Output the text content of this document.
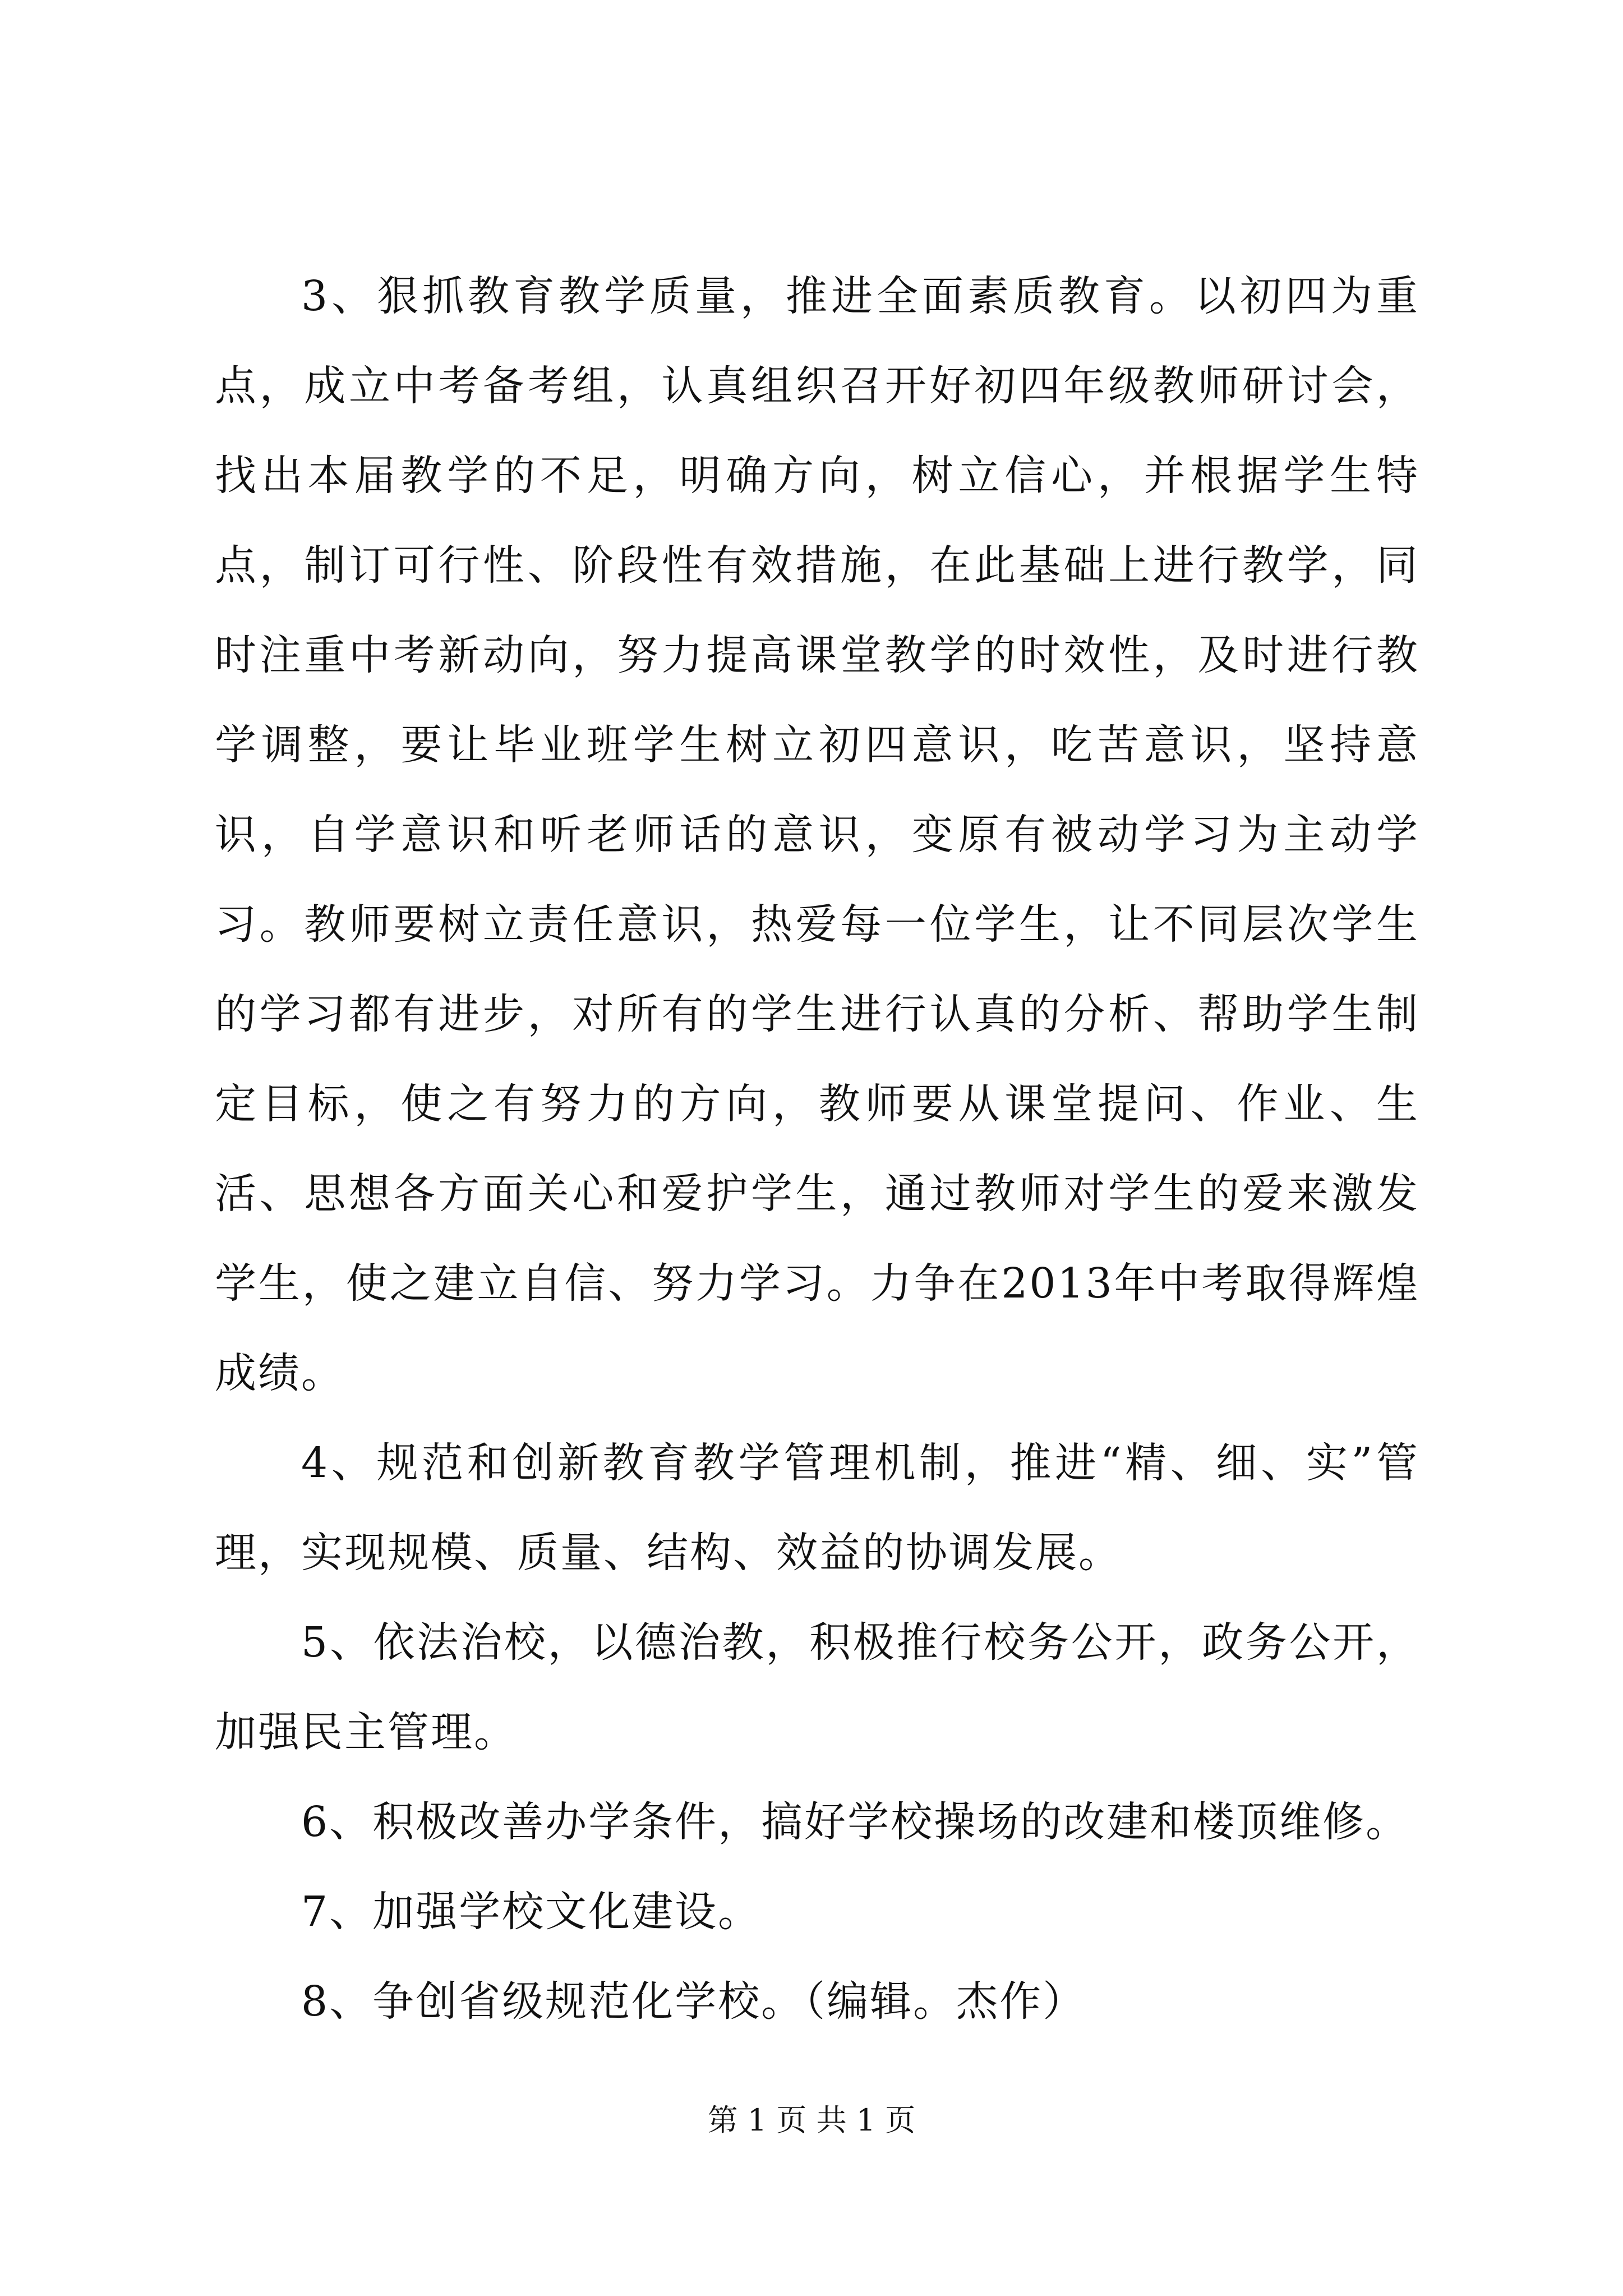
3、狠抓教育教学质量，推进全面素质教育。以初四为重点，成立中考备考组，认真组织召开好初四年级教师研讨会，找出本届教学的不足，明确方向，树立信心，并根据学生特点，制订可行性、阶段性有效措施，在此基础上进行教学，同时注重中考新动向，努力提高课堂教学的时效性，及时进行教学调整，要让毕业班学生树立初四意识，吃苦意识，坚持意识，自学意识和听老师话的意识，变原有被动学习为主动学习。教师要树立责任意识，热爱每一位学生，让不同层次学生的学习都有进步，对所有的学生进行认真的分析、帮助学生制定目标，使之有努力的方向，教师要从课堂提问、作业、生活、思想各方面关心和爱护学生，通过教师对学生的爱来激发学生，使之建立自信、努力学习。力争在2013年中考取得辉煌成绩。

4、规范和创新教育教学管理机制，推进“精、细、实”管理，实现规模、质量、结构、效益的协调发展。

5、依法治校，以德治教，积极推行校务公开，政务公开，加强民主管理。

6、积极改善办学条件，搞好学校操场的改建和楼顶维修。

7、加强学校文化建设。

8、争创省级规范化学校。（编辑。杰作）

第 1 页 共 1 页
